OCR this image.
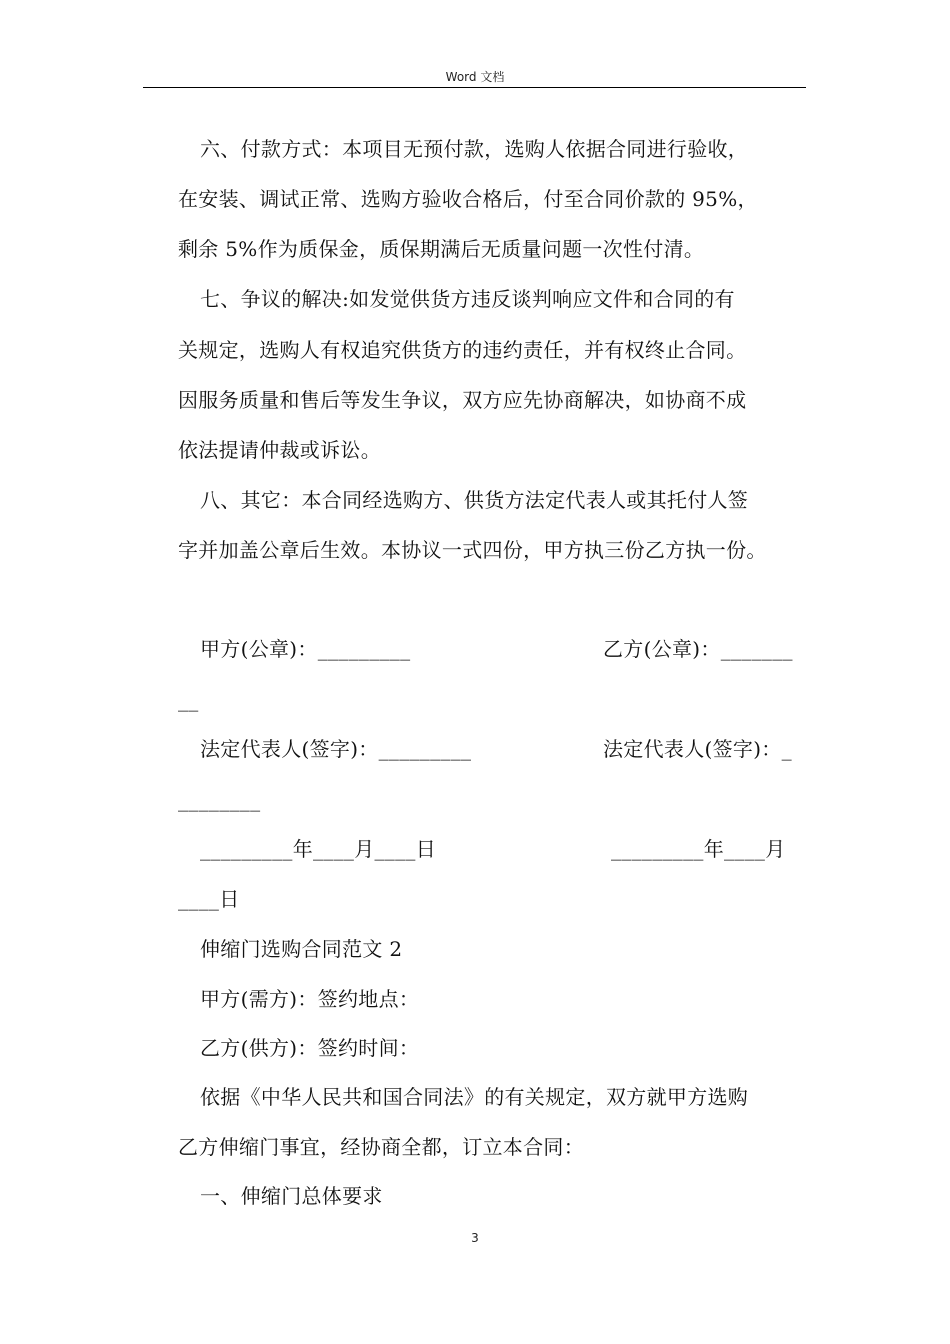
Word 文档
六、付款方式：本项目无预付款，选购人依据合同进行验收，
在安装、调试正常、选购方验收合格后，付至合同价款的 95%，
剩余 5%作为质保金，质保期满后无质量问题一次性付清。
七、争议的解决:如发觉供货方违反谈判响应文件和合同的有
关规定，选购人有权追究供货方的违约责任，并有权终止合同。
因服务质量和售后等发生争议，双方应先协商解决，如协商不成
依法提请仲裁或诉讼。
八、其它：本合同经选购方、供货方法定代表人或其托付人签
字并加盖公章后生效。本协议一式四份，甲方执三份乙方执一份。
甲方(公章)：_________	乙方(公章)：_______
__
法定代表人(签字)：_________	法定代表人(签字)：_
________
_________年____月____日	_________年____月
____日
伸缩门选购合同范文 2
甲方(需方)：签约地点：
乙方(供方)：签约时间：
依据《中华人民共和国合同法》的有关规定，双方就甲方选购
乙方伸缩门事宜，经协商全都，订立本合同：
一、伸缩门总体要求
3
